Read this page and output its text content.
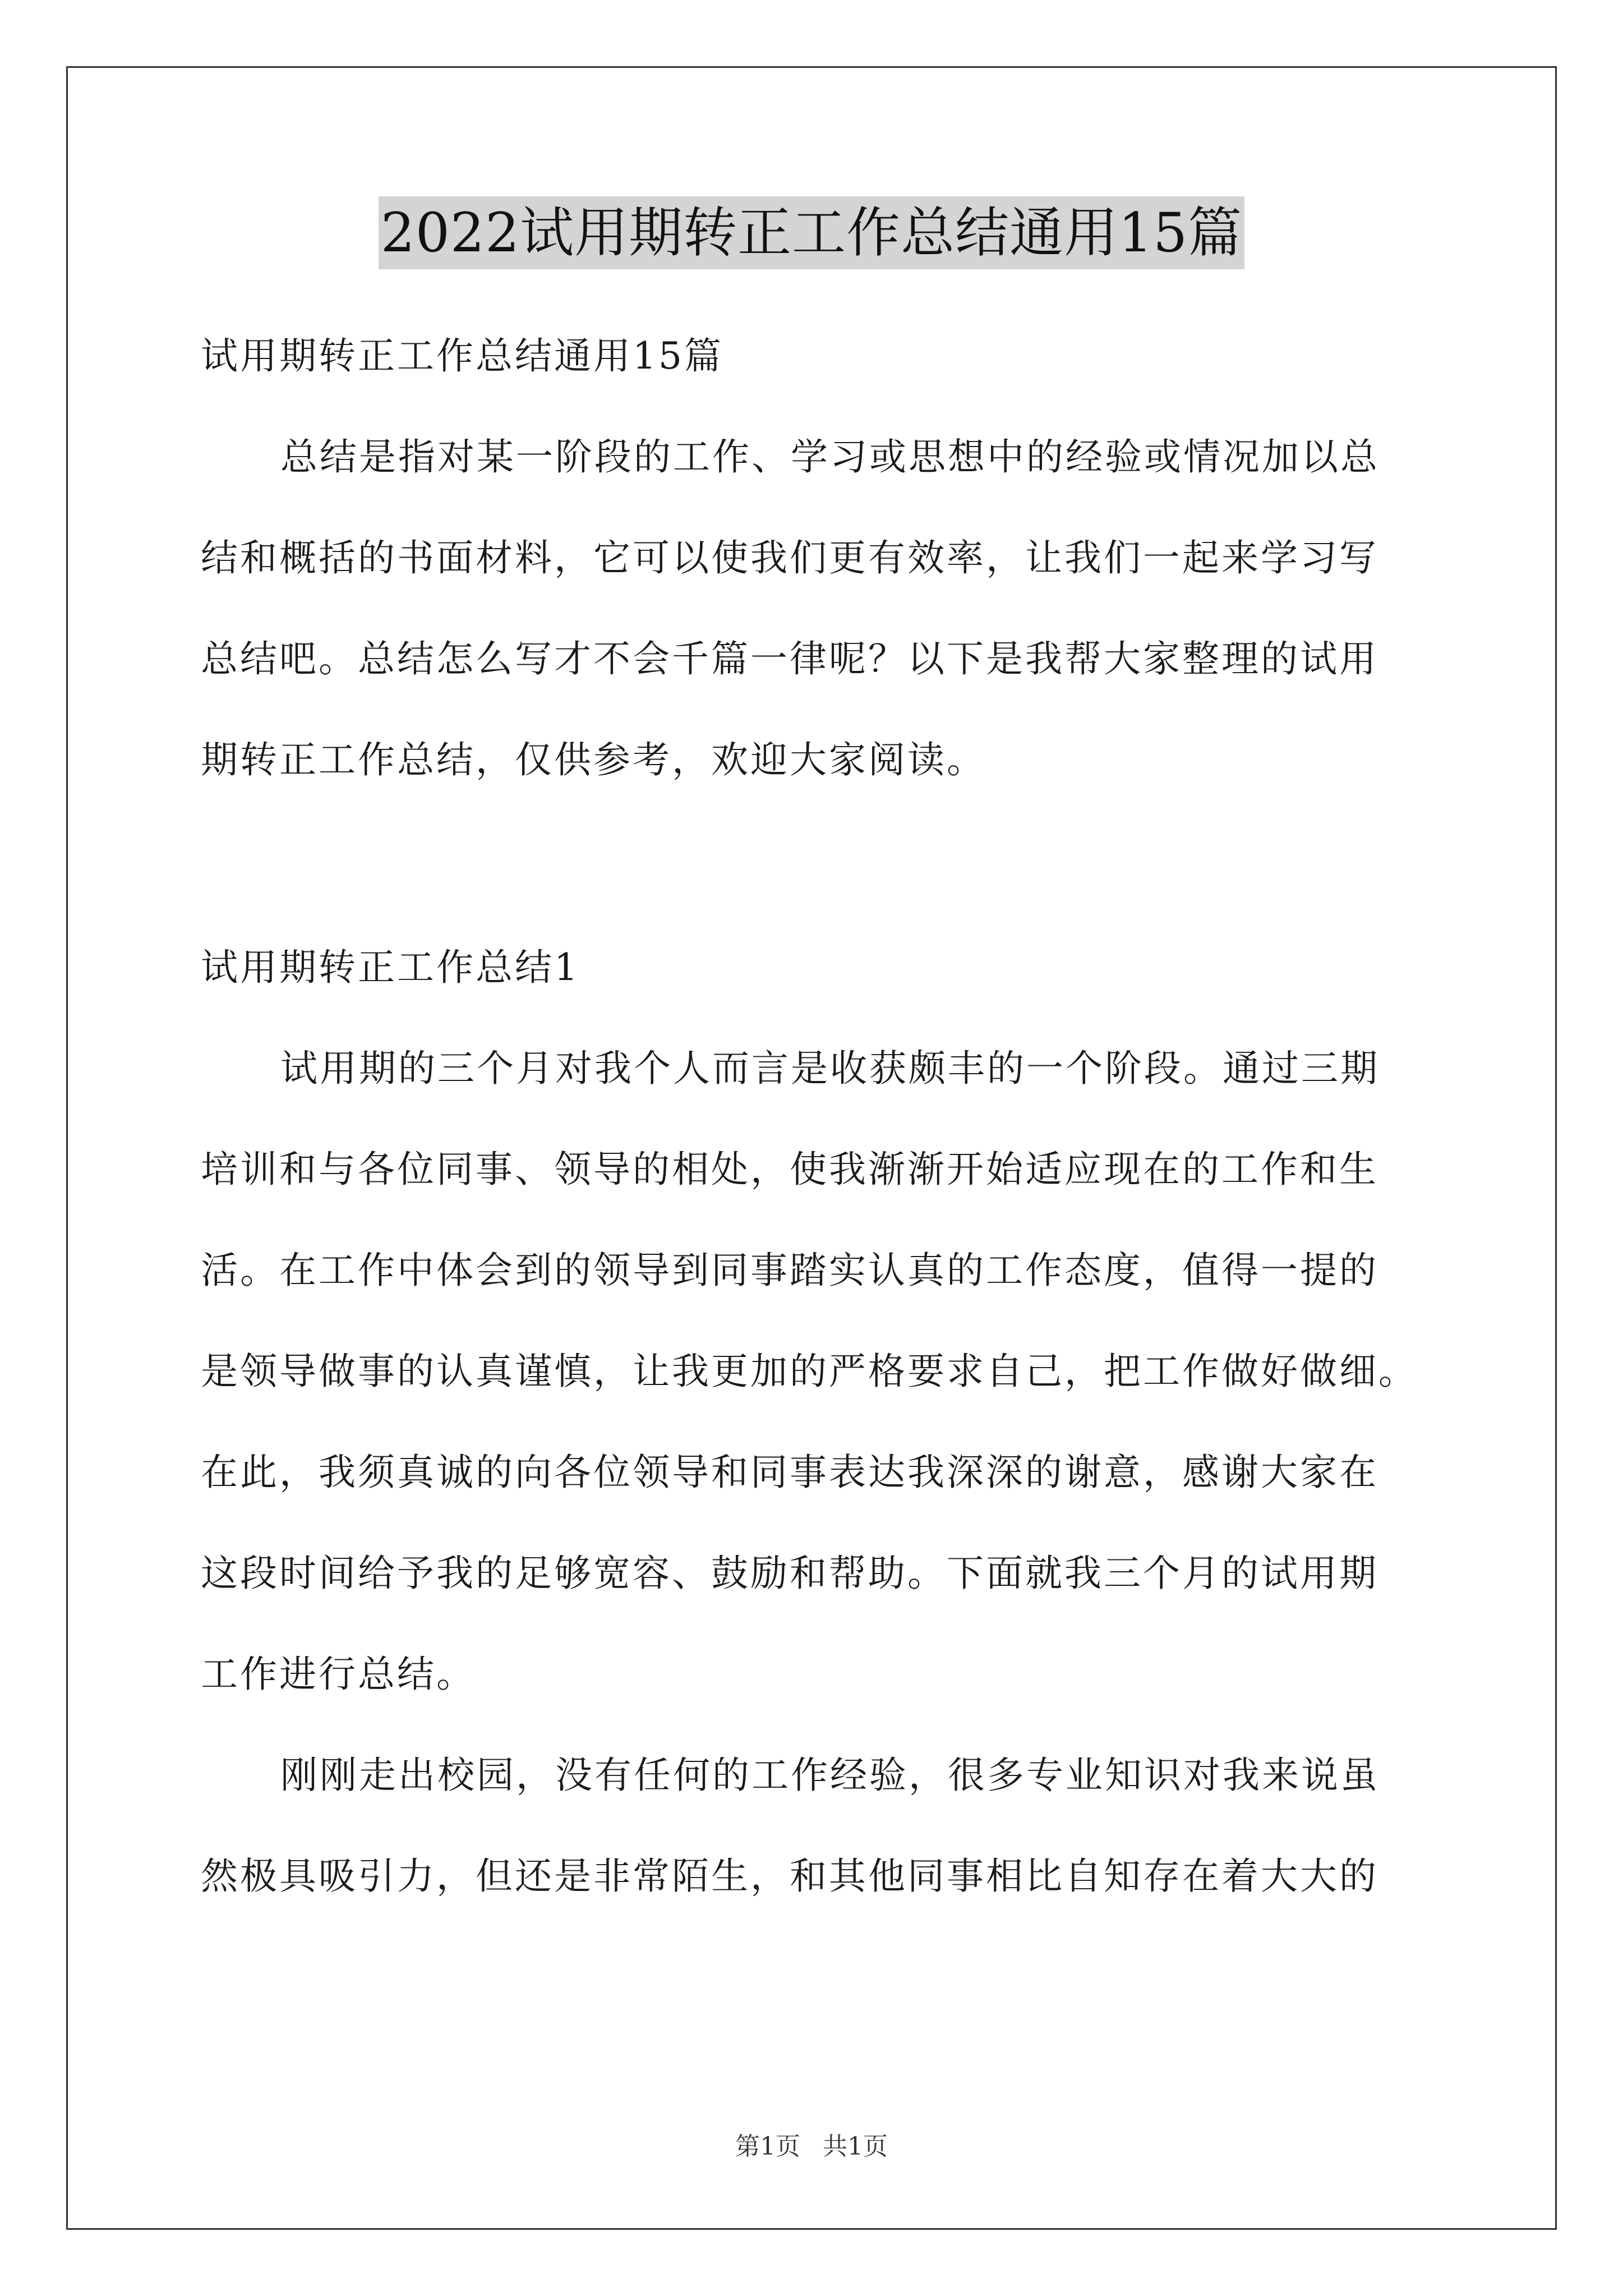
2022试用期转正工作总结通用15篇
试用期转正工作总结通用15篇
总结是指对某一阶段的工作、学习或思想中的经验或情况加以总
结和概括的书面材料，它可以使我们更有效率，让我们一起来学习写
总结吧。总结怎么写才不会千篇一律呢？以下是我帮大家整理的试用
期转正工作总结，仅供参考，欢迎大家阅读。
试用期转正工作总结1
试用期的三个月对我个人而言是收获颇丰的一个阶段。通过三期
培训和与各位同事、领导的相处，使我渐渐开始适应现在的工作和生
活。在工作中体会到的领导到同事踏实认真的工作态度，值得一提的
是领导做事的认真谨慎，让我更加的严格要求自己，把工作做好做细。
在此，我须真诚的向各位领导和同事表达我深深的谢意，感谢大家在
这段时间给予我的足够宽容、鼓励和帮助。下面就我三个月的试用期
工作进行总结。
刚刚走出校园，没有任何的工作经验，很多专业知识对我来说虽
然极具吸引力，但还是非常陌生，和其他同事相比自知存在着大大的
第1页 共1页
